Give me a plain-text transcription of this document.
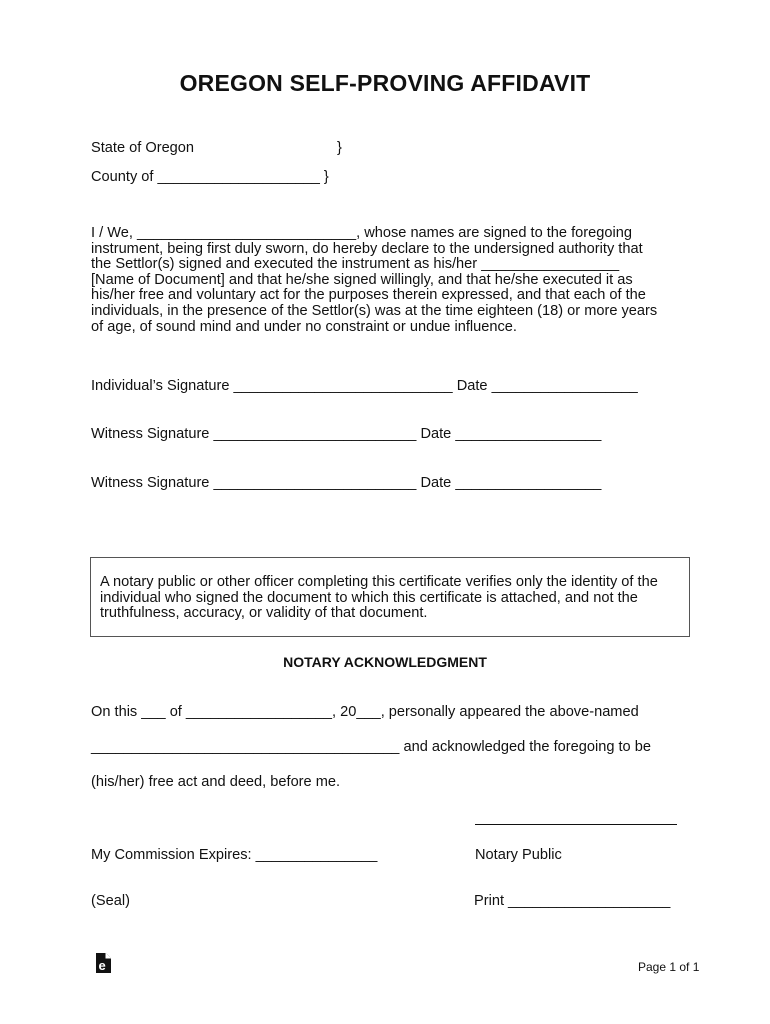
OREGON SELF-PROVING AFFIDAVIT
State of Oregon	}
County of ____________________ }
I / We, ___________________________, whose names are signed to the foregoing
instrument, being first duly sworn, do hereby declare to the undersigned authority that
the Settlor(s) signed and executed the instrument as his/her _________________
[Name of Document] and that he/she signed willingly, and that he/she executed it as
his/her free and voluntary act for the purposes therein expressed, and that each of the
individuals, in the presence of the Settlor(s) was at the time eighteen (18) or more years
of age, of sound mind and under no constraint or undue influence.
Individual’s Signature ___________________________ Date __________________
Witness Signature _________________________ Date __________________
Witness Signature _________________________ Date __________________
A notary public or other officer completing this certificate verifies only the identity of the
individual who signed the document to which this certificate is attached, and not the
truthfulness, accuracy, or validity of that document.
NOTARY ACKNOWLEDGMENT
On this ___ of __________________, 20___, personally appeared the above-named
______________________________________ and acknowledged the foregoing to be
(his/her) free act and deed, before me.
My Commission Expires: _______________	Notary Public
(Seal)	Print ____________________
e	Page 1 of 1
